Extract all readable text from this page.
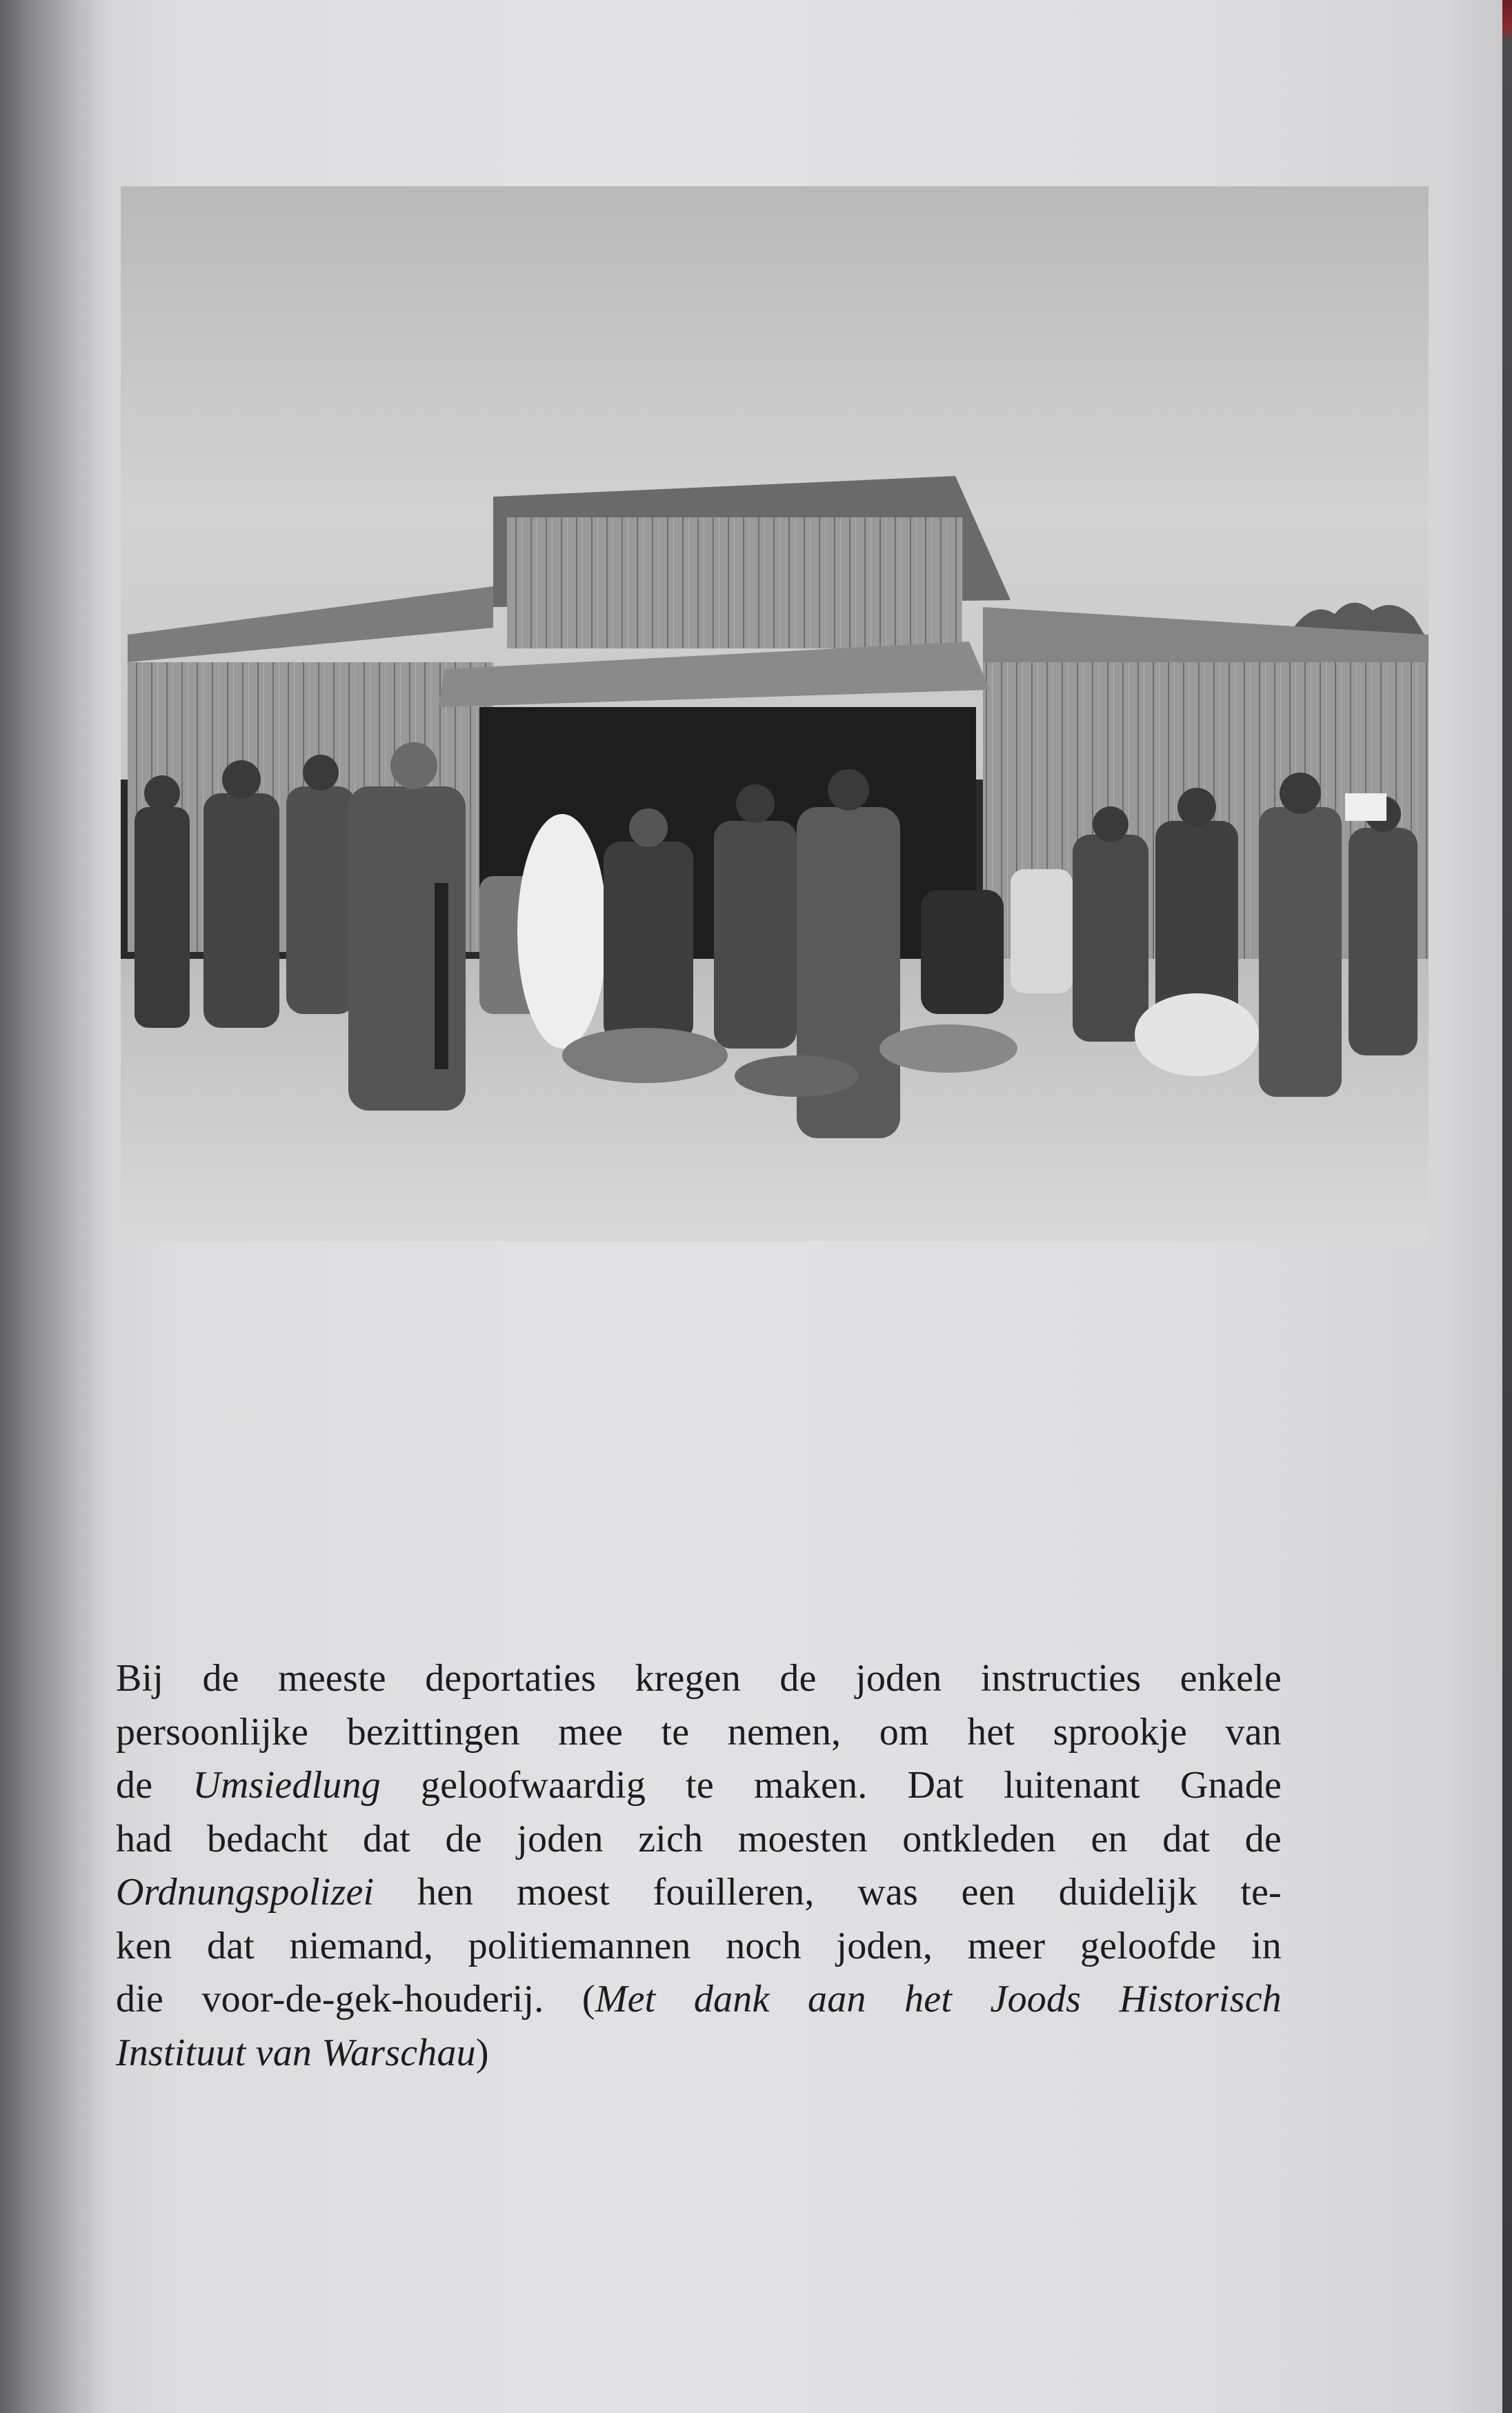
Bij de meeste deportaties kregen de joden instructies enkele
persoonlijke bezittingen mee te nemen, om het sprookje van
de Umsiedlung geloofwaardig te maken. Dat luitenant Gnade
had bedacht dat de joden zich moesten ontkleden en dat de
Ordnungspolizei hen moest fouilleren, was een duidelijk te-
ken dat niemand, politiemannen noch joden, meer geloofde in
die voor-de-gek-houderij. (Met dank aan het Joods Historisch
Instituut van Warschau)
